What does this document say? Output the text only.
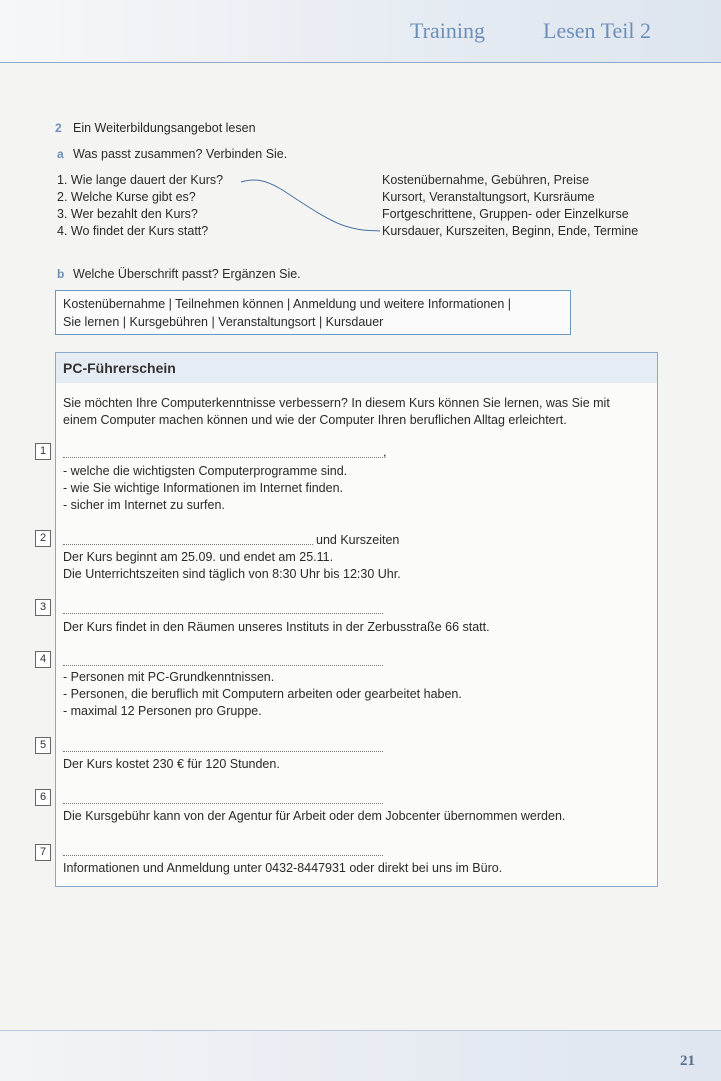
Training	Lesen Teil 2
2 Ein Weiterbildungsangebot lesen
a Was passt zusammen? Verbinden Sie.
1. Wie lange dauert der Kurs?
2. Welche Kurse gibt es?
3. Wer bezahlt den Kurs?
4. Wo findet der Kurs statt?
Kostenübernahme, Gebühren, Preise
Kursort, Veranstaltungsort, Kursräume
Fortgeschrittene, Gruppen- oder Einzelkurse
Kursdauer, Kurszeiten, Beginn, Ende, Termine
b Welche Überschrift passt? Ergänzen Sie.
Kostenübernahme | Teilnehmen können | Anmeldung und weitere Informationen |
Sie lernen | Kursgebühren | Veranstaltungsort | Kursdauer
1
2
3
4
5
6
7
PC-Führerschein
Sie möchten Ihre Computerkenntnisse verbessern? In diesem Kurs können Sie lernen, was Sie mit
einem Computer machen können und wie der Computer Ihren beruflichen Alltag erleichtert.
,
- welche die wichtigsten Computerprogramme sind.
- wie Sie wichtige Informationen im Internet finden.
- sicher im Internet zu surfen.
und Kurszeiten
Der Kurs beginnt am 25.09. und endet am 25.11.
Die Unterrichtszeiten sind täglich von 8:30 Uhr bis 12:30 Uhr.
Der Kurs findet in den Räumen unseres Instituts in der Zerbusstraße 66 statt.
- Personen mit PC-Grundkenntnissen.
- Personen, die beruflich mit Computern arbeiten oder gearbeitet haben.
- maximal 12 Personen pro Gruppe.
Der Kurs kostet 230 € für 120 Stunden.
Die Kursgebühr kann von der Agentur für Arbeit oder dem Jobcenter übernommen werden.
Informationen und Anmeldung unter 0432-8447931 oder direkt bei uns im Büro.
21
